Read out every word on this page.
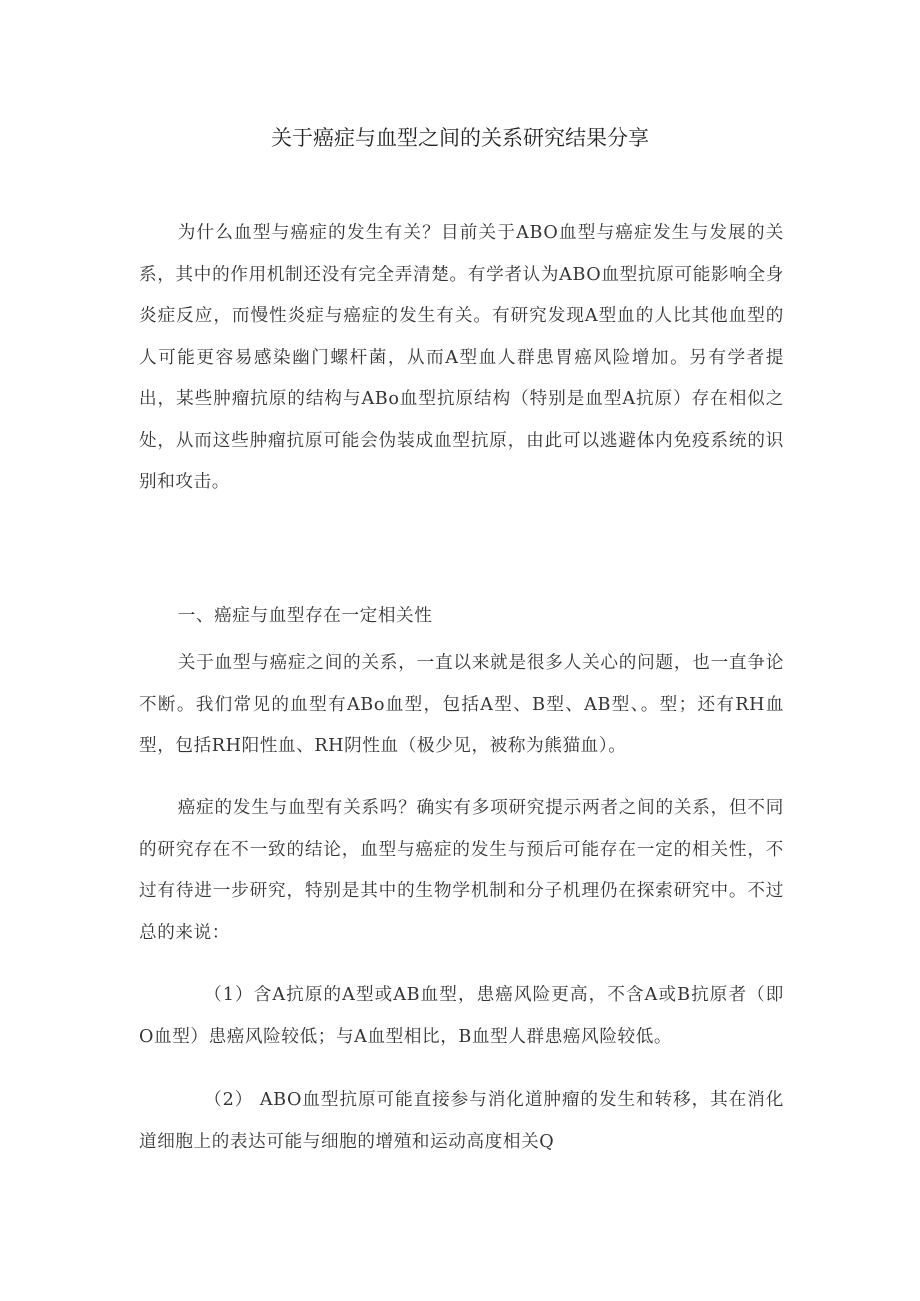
关于癌症与血型之间的关系研究结果分享

为什么血型与癌症的发生有关？目前关于ABO血型与癌症发生与发展的关系，其中的作用机制还没有完全弄清楚。有学者认为ABO血型抗原可能影响全身炎症反应，而慢性炎症与癌症的发生有关。有研究发现A型血的人比其他血型的人可能更容易感染幽门螺杆菌，从而A型血人群患胃癌风险增加。另有学者提出，某些肿瘤抗原的结构与ABo血型抗原结构（特别是血型A抗原）存在相似之处，从而这些肿瘤抗原可能会伪装成血型抗原，由此可以逃避体内免疫系统的识别和攻击。

一、癌症与血型存在一定相关性

关于血型与癌症之间的关系，一直以来就是很多人关心的问题，也一直争论不断。我们常见的血型有ABo血型，包括A型、B型、AB型、。型；还有RH血型，包括RH阳性血、RH阴性血（极少见，被称为熊猫血）。

癌症的发生与血型有关系吗？确实有多项研究提示两者之间的关系，但不同的研究存在不一致的结论，血型与癌症的发生与预后可能存在一定的相关性，不过有待进一步研究，特别是其中的生物学机制和分子机理仍在探索研究中。不过总的来说：

（1）含A抗原的A型或AB血型，患癌风险更高，不含A或B抗原者（即O血型）患癌风险较低；与A血型相比，B血型人群患癌风险较低。

（2） ABO血型抗原可能直接参与消化道肿瘤的发生和转移，其在消化道细胞上的表达可能与细胞的增殖和运动高度相关Q
